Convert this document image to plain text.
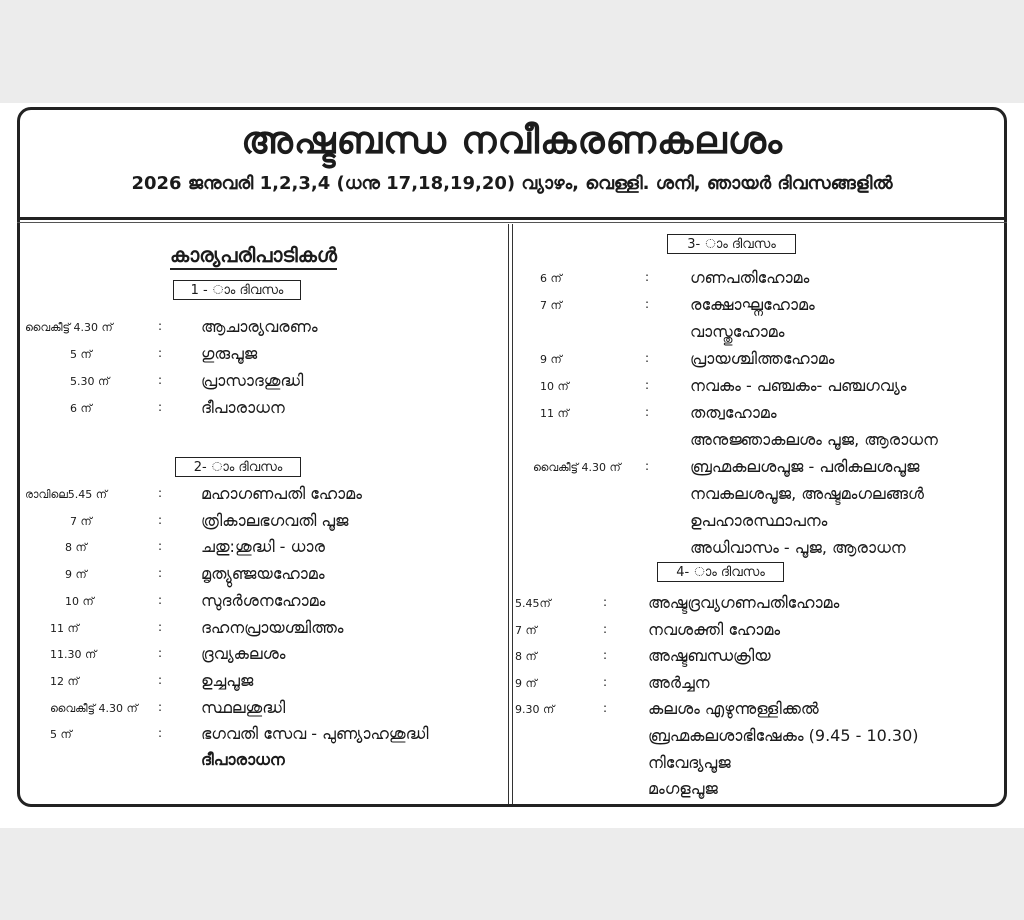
അഷ്ടബന്ധ നവീകരണകലശം
2026 ജനുവരി 1,2,3,4 (ധനു 17,18,19,20) വ്യാഴം, വെള്ളി. ശനി, ഞായർ ദിവസങ്ങളിൽ
കാര്യപരിപാടികൾ
1 - ാം ദിവസം
വൈകീട്ട് 4.30 ന്	: ആചാര്യവരണം
5 ന്	: ഗുരുപൂജ
5.30 ന്	: പ്രാസാദശുദ്ധി
6 ന്	: ദീപാരാധന
2- ാം ദിവസം
രാവിലെ5.45 ന്	: മഹാഗണപതി ഹോമം
7 ന്	: ത്രികാലഭഗവതി പൂജ
8 ന്	: ചതു:ശുദ്ധി - ധാര
9 ന്	: മൃത്യുഞ്ജയഹോമം
10 ന്	: സുദർശനഹോമം
11 ന്	: ദഹനപ്രായശ്ചിത്തം
11.30 ന്	: ദ്രവ്യകലശം
12 ന്	: ഉച്ചപൂജ
വൈകീട്ട് 4.30 ന് : സ്ഥലശുദ്ധി
5 ന്	: ഭഗവതി സേവ - പുണ്യാഹശുദ്ധി
ദീപാരാധന
3- ാം ദിവസം
6 ന്	:	ഗണപതിഹോമം
7 ന്	:	രക്ഷോഘ്നഹോമം
വാസ്തുഹോമം
9 ന്	:	പ്രായശ്ചിത്തഹോമം
10 ന്	:	നവകം - പഞ്ചകം- പഞ്ചഗവ്യം
11 ന്	:	തത്വഹോമം
അനുജ്ഞാകലശം പൂജ, ആരാധന
വൈകീട്ട് 4.30 ന് :	ബ്രഹ്മകലശപൂജ - പരികലശപൂജ
നവകലശപൂജ, അഷ്ടമംഗലങ്ങൾ
ഉപഹാരസ്ഥാപനം
അധിവാസം - പൂജ, ആരാധന
4- ാം ദിവസം
5.45ന്	:	അഷ്ടദ്രവ്യഗണപതിഹോമം
7 ന്	:	നവശക്തി ഹോമം
8 ന്	:	അഷ്ടബന്ധക്രിയ
9 ന്	:	അർച്ചന
9.30 ന്	:	കലശം എഴുന്നുള്ളിക്കൽ
ബ്രഹ്മകലശാഭിഷേകം (9.45 - 10.30)
നിവേദ്യപൂജ
മംഗളപൂജ
